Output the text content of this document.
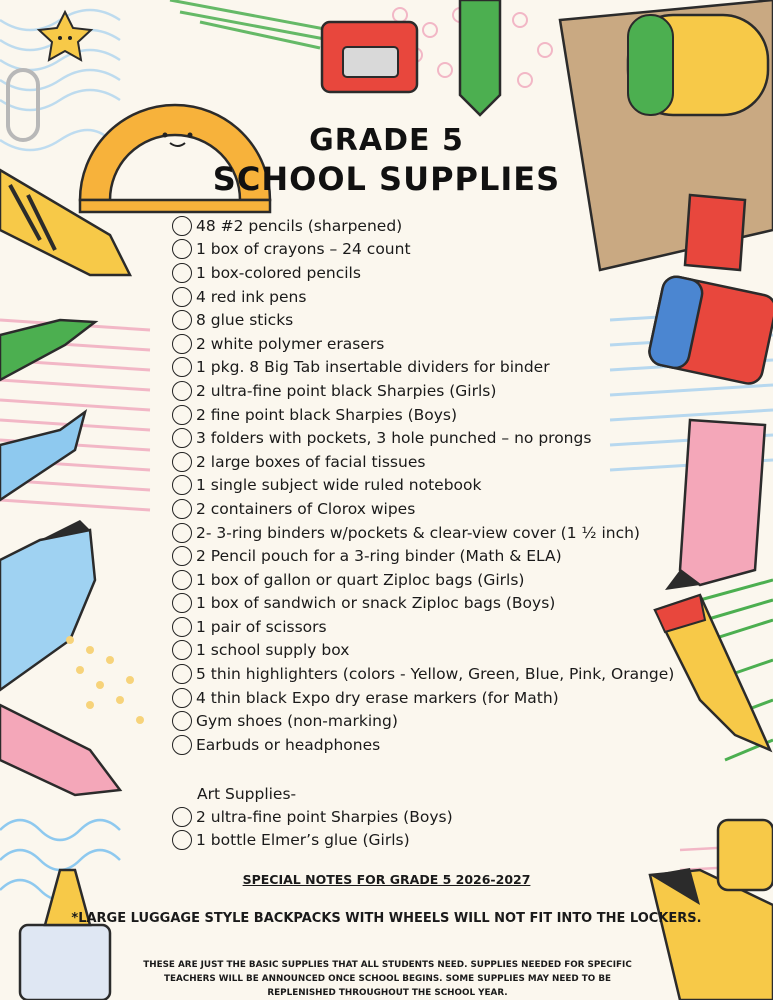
GRADE 5
SCHOOL SUPPLIES
48 #2 pencils (sharpened)
1 box of crayons – 24 count
1 box-colored pencils
4 red ink pens
8 glue sticks
2 white polymer erasers
1 pkg. 8 Big Tab insertable dividers for binder
2 ultra-fine point black Sharpies (Girls)
2 fine point black Sharpies (Boys)
3 folders with pockets, 3 hole punched – no prongs
2 large boxes of facial tissues
1 single subject wide ruled notebook
2 containers of Clorox wipes
2- 3-ring binders w/pockets & clear-view cover (1 ½ inch)
2 Pencil pouch for a 3-ring binder (Math & ELA)
1 box of gallon or quart Ziploc bags (Girls)
1 box of sandwich or snack Ziploc bags (Boys)
1 pair of scissors
1 school supply box
5 thin highlighters (colors - Yellow, Green, Blue, Pink, Orange)
4 thin black Expo dry erase markers (for Math)
Gym shoes (non-marking)
Earbuds or headphones
Art Supplies-
2 ultra-fine point Sharpies (Boys)
1 bottle Elmer’s glue (Girls)
SPECIAL NOTES FOR GRADE 5 2026-2027
*LARGE LUGGAGE STYLE BACKPACKS WITH WHEELS WILL NOT FIT INTO THE LOCKERS.
THESE ARE JUST THE BASIC SUPPLIES THAT ALL STUDENTS NEED. SUPPLIES NEEDED FOR SPECIFIC TEACHERS WILL BE ANNOUNCED ONCE SCHOOL BEGINS. SOME SUPPLIES MAY NEED TO BE REPLENISHED THROUGHOUT THE SCHOOL YEAR.
